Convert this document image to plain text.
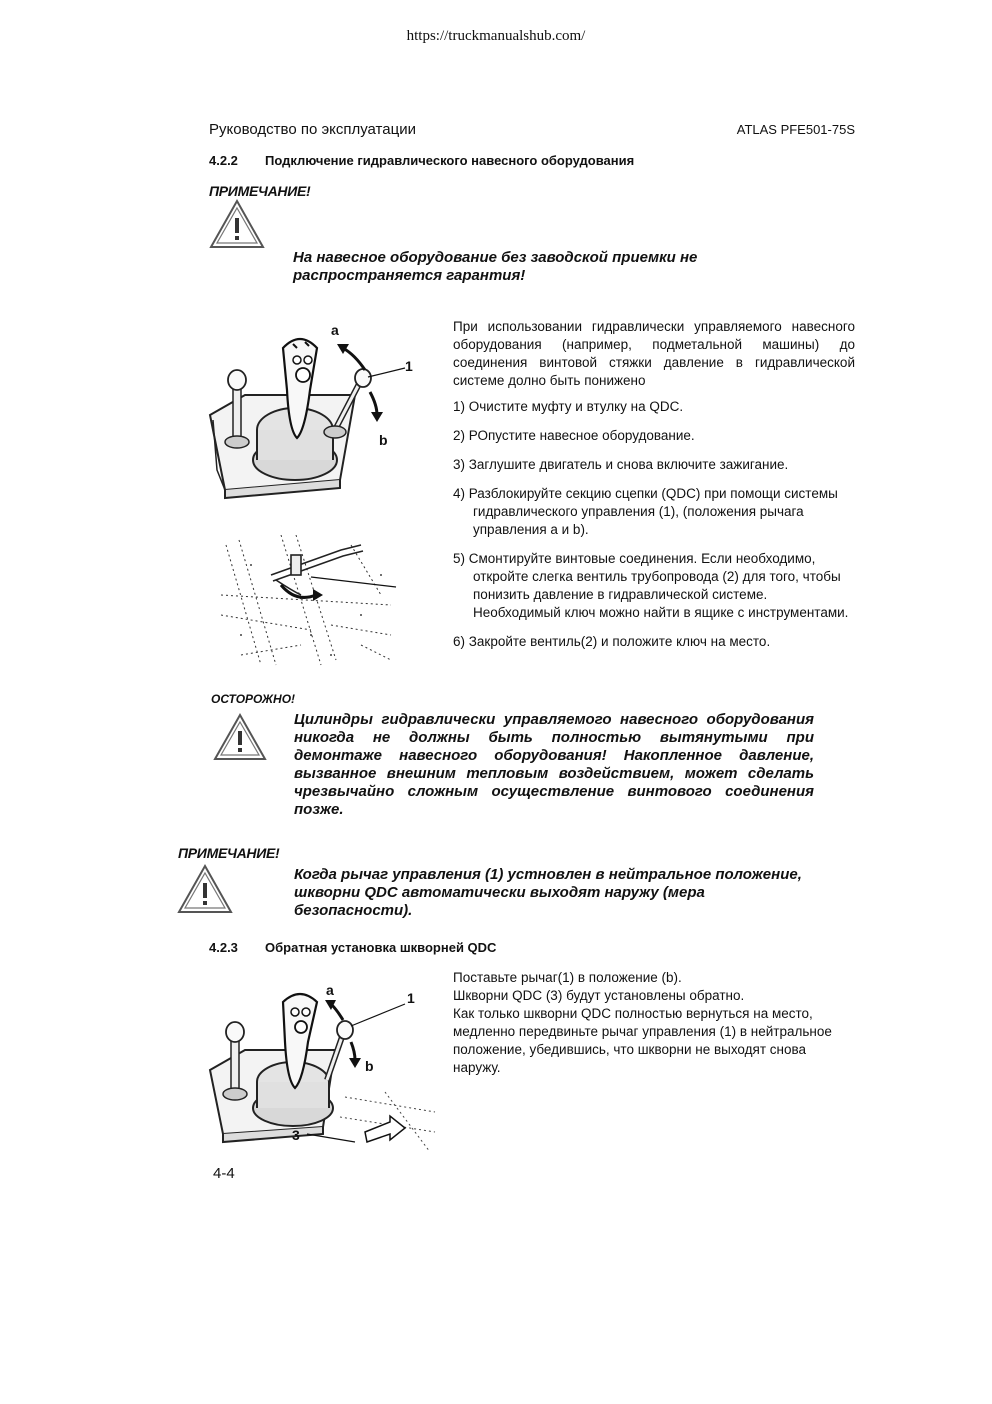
https://truckmanualshub.com/
Руководство по эксплуатации	ATLAS PFE501-75S
4.2.2 Подключение гидравлического навесного оборудования
ПРИМЕЧАНИЕ!
На навесное оборудование без заводской приемки не распространяется гарантия!
a
1
b
При использовании гидравлически управляемого навесного оборудования (например, подметальной машины) до соединения винтовой стяжки давление в гидравлической системе долно быть понижено
1) Очистите муфту и втулку на QDC.
2) РОпустите навесное оборудование.
3) Заглушите двигатель и снова включите зажигание.
4) Разблокируйте секцию сцепки (QDC) при помощи системы гидравлического управления (1), (положения рычага управления a и b).
5) Смонтируйте винтовые соединения. Если необходимо, откройте слегка вентиль трубопровода (2) для того, чтобы понизить давление в гидравлической системе. Необходимый ключ можно найти в ящике с инструментами.
6) Закройте вентиль(2) и положите ключ на место.
ОСТОРОЖНО!
Цилиндры гидравлически управляемого навесного оборудования никогда не должны быть полностью вытянутыми при демонтаже навесного оборудования! Накопленное давление, вызванное внешним тепловым воздействием, может сделать чрезвычайно сложным осуществление винтового соединения позже.
ПРИМЕЧАНИЕ!
Когда рычаг управления (1) устновлен в нейтральное положение, шкворни QDC автоматически выходят наружу (мера безопасности).
4.2.3 Обратная установка шкворней QDC
Поставьте рычаг(1) в положение (b).
Шкворни QDC (3) будут установлены обратно.
Как только шкворни QDC полностью вернуться на место, медленно передвиньте рычаг управления (1) в нейтральное положение, убедившись, что шкворни не выходят снова наружу.
a	1
b
3
4-4
